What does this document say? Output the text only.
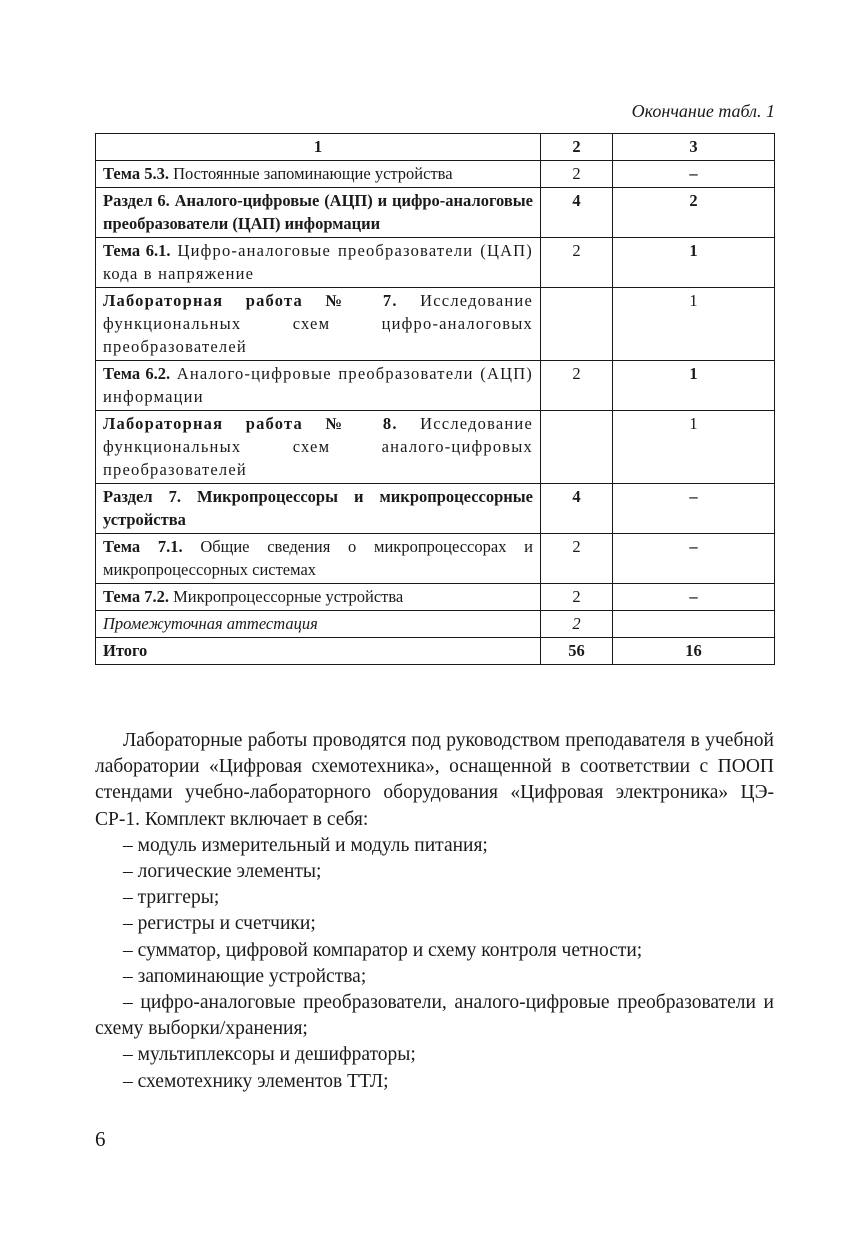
Окончание табл. 1
1	2	3
Тема 5.3. Постоянные запоминающие устройства	2	–
Раздел 6. Аналого-цифровые (АЦП) и цифро-аналоговые преобразователи (ЦАП) информации	4	2
Тема 6.1. Цифро-аналоговые преобразователи (ЦАП) кода в напряжение	2	1
Лабораторная работа № 7. Исследование функциональных схем цифро-аналоговых преобразователей		1
Тема 6.2. Аналого-цифровые преобразователи (АЦП) информации	2	1
Лабораторная работа № 8. Исследование функциональных схем аналого-цифровых преобразователей		1
Раздел 7. Микропроцессоры и микропроцессорные устройства	4	–
Тема 7.1. Общие сведения о микропроцессорах и микропроцессорных системах	2	–
Тема 7.2. Микропроцессорные устройства	2	–
Промежуточная аттестация	2	
Итого	56	16

Лабораторные работы проводятся под руководством преподавателя в учебной лаборатории «Цифровая схемотехника», оснащенной в соответствии с ПООП стендами учебно-лабораторного оборудования «Цифровая электроника» ЦЭ-СР-1. Комплект включает в себя:

– модуль измерительный и модуль питания;
– логические элементы;
– триггеры;
– регистры и счетчики;
– сумматор, цифровой компаратор и схему контроля четности;
– запоминающие устройства;
– цифро-аналоговые преобразователи, аналого-цифровые преобразователи и схему выборки/хранения;
– мультиплексоры и дешифраторы;
– схемотехнику элементов ТТЛ;
6
